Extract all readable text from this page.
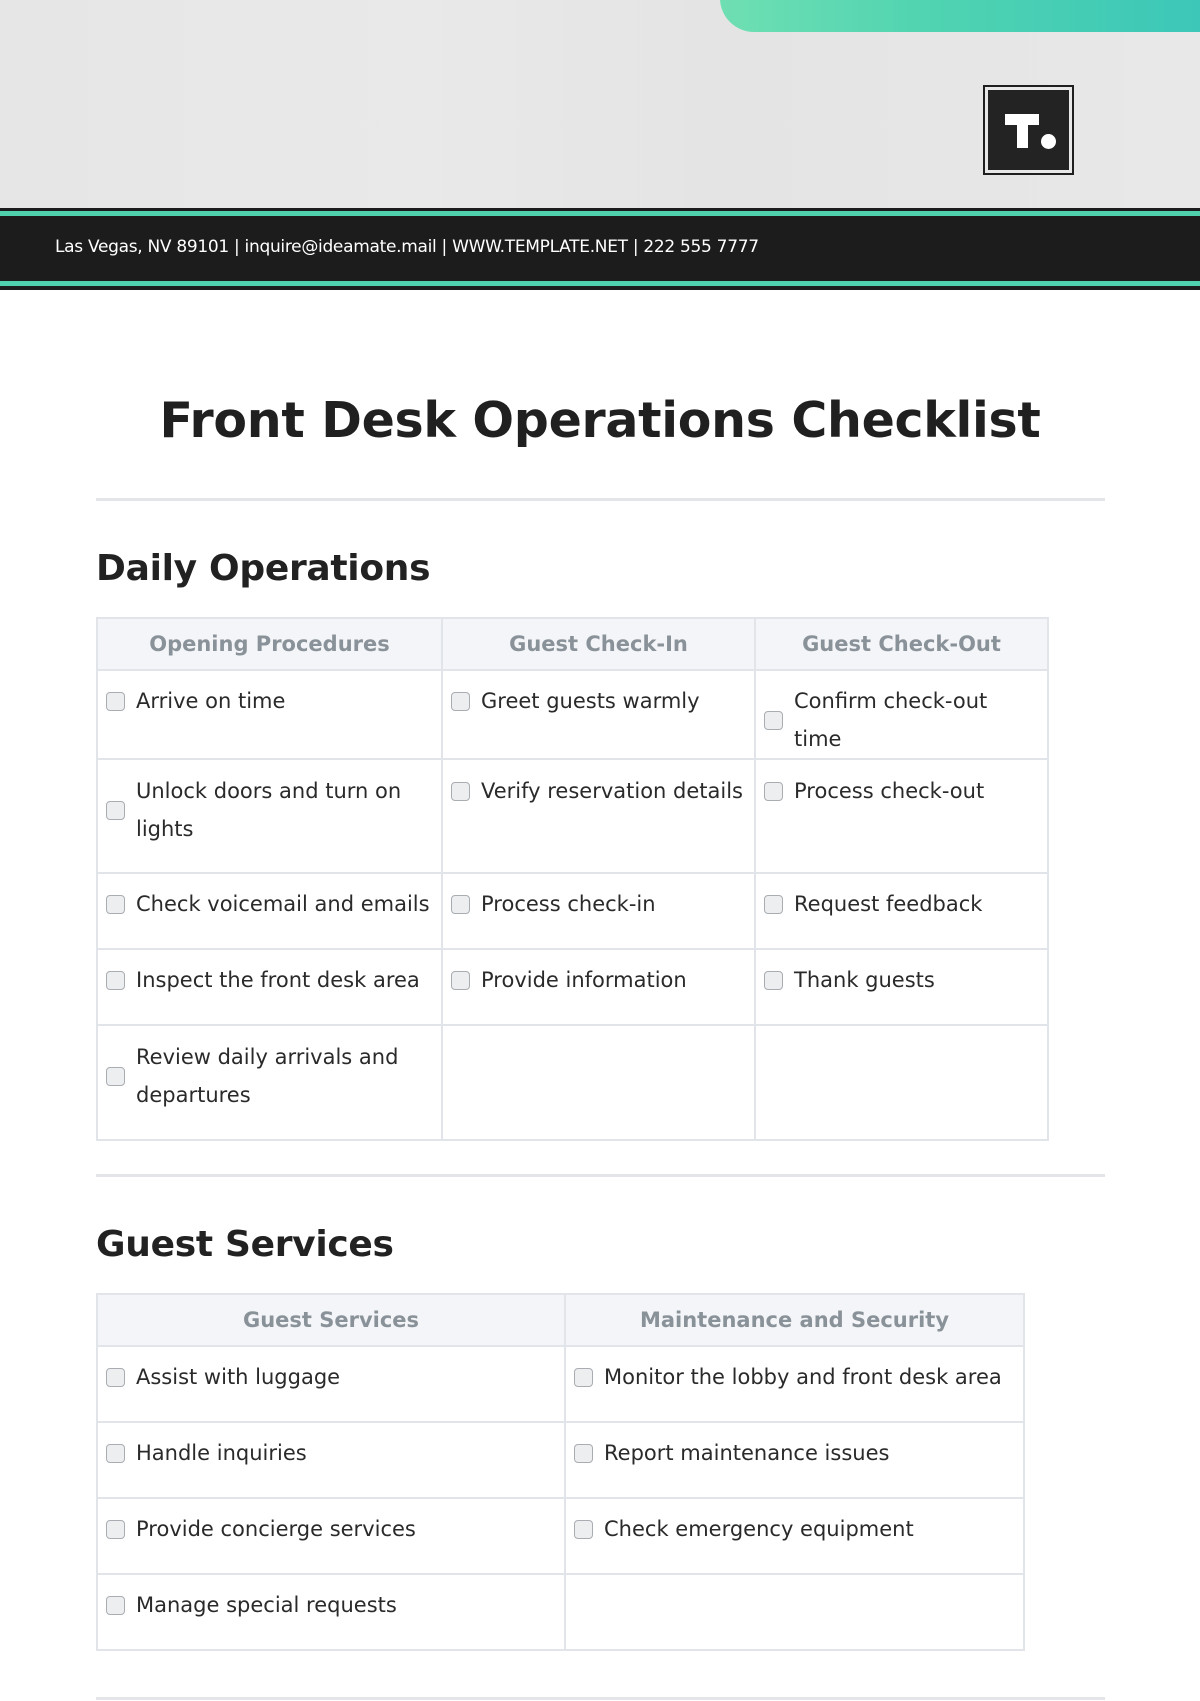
Las Vegas, NV 89101 | inquire@ideamate.mail | WWW.TEMPLATE.NET | 222 555 7777
Front Desk Operations Checklist
Daily Operations
Opening Procedures	Guest Check-In	Guest Check-Out

Arrive on time	Greet guests warmly	Confirm check-out time

Unlock doors and turn on lights	Verify reservation details	Process check-out

Check voicemail and emails	Process check-in	Request feedback

Inspect the front desk area	Provide information	Thank guests

Review daily arrivals and departures		

Guest Services
Guest Services	Maintenance and Security

Assist with luggage	Monitor the lobby and front desk area

Handle inquiries	Report maintenance issues

Provide concierge services	Check emergency equipment

Manage special requests	
